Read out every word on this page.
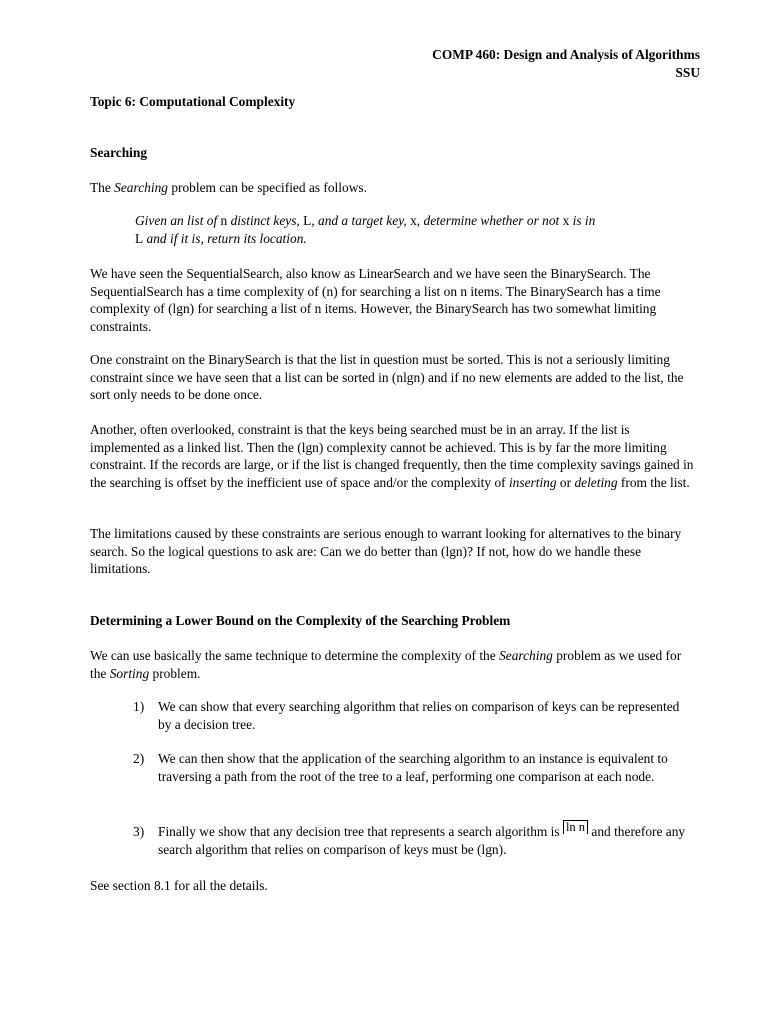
COMP 460: Design and Analysis of Algorithms
SSU
Topic 6: Computational Complexity
Searching
The Searching problem can be specified as follows.
Given an list of n distinct keys, L, and a target key, x, determine whether or not x is in
L and if it is, return its location.

We have seen the SequentialSearch, also know as LinearSearch and we have seen the BinarySearch. The SequentialSearch has a time complexity of (n) for searching a list on n items. The BinarySearch has a time complexity of (lgn) for searching a list of n items. However, the BinarySearch has two somewhat limiting constraints.

One constraint on the BinarySearch is that the list in question must be sorted. This is not a seriously limiting constraint since we have seen that a list can be sorted in (nlgn) and if no new elements are added to the list, the sort only needs to be done once.

Another, often overlooked, constraint is that the keys being searched must be in an array. If the list is implemented as a linked list. Then the (lgn) complexity cannot be achieved. This is by far the more limiting constraint. If the records are large, or if the list is changed frequently, then the time complexity savings gained in the searching is offset by the inefficient use of space and/or the complexity of inserting or deleting from the list.

The limitations caused by these constraints are serious enough to warrant looking for alternatives to the binary search. So the logical questions to ask are: Can we do better than (lgn)? If not, how do we handle these limitations.

Determining a Lower Bound on the Complexity of the Searching Problem

We can use basically the same technique to determine the complexity of the Searching problem as we used for the Sorting problem.

1) We can show that every searching algorithm that relies on comparison of keys can be represented by a decision tree.
2) We can then show that the application of the searching algorithm to an instance is equivalent to traversing a path from the root of the tree to a leaf, performing one comparison at each node.
3) Finally we show that any decision tree that represents a search algorithm is ln n and therefore any search algorithm that relies on comparison of keys must be (lgn).
See section 8.1 for all the details.
